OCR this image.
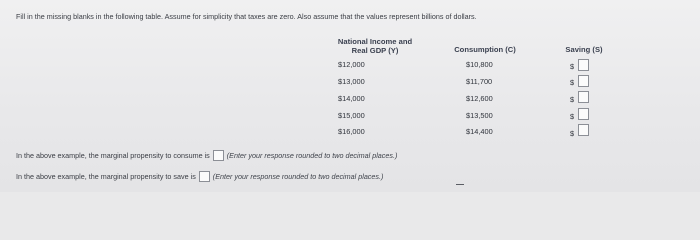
Fill in the missing blanks in the following table. Assume for simplicity that taxes are zero. Also assume that the values represent billions of dollars.
National Income and
Real GDP (Y)	Consumption (C)	Saving (S)
$12,000	$10,800	$
$13,000	$11,700	$
$14,000	$12,600	$
$15,000	$13,500	$
$16,000	$14,400	$
In the above example, the marginal propensity to consume is (Enter your response rounded to two decimal places.)
In the above example, the marginal propensity to save is (Enter your response rounded to two decimal places.)
